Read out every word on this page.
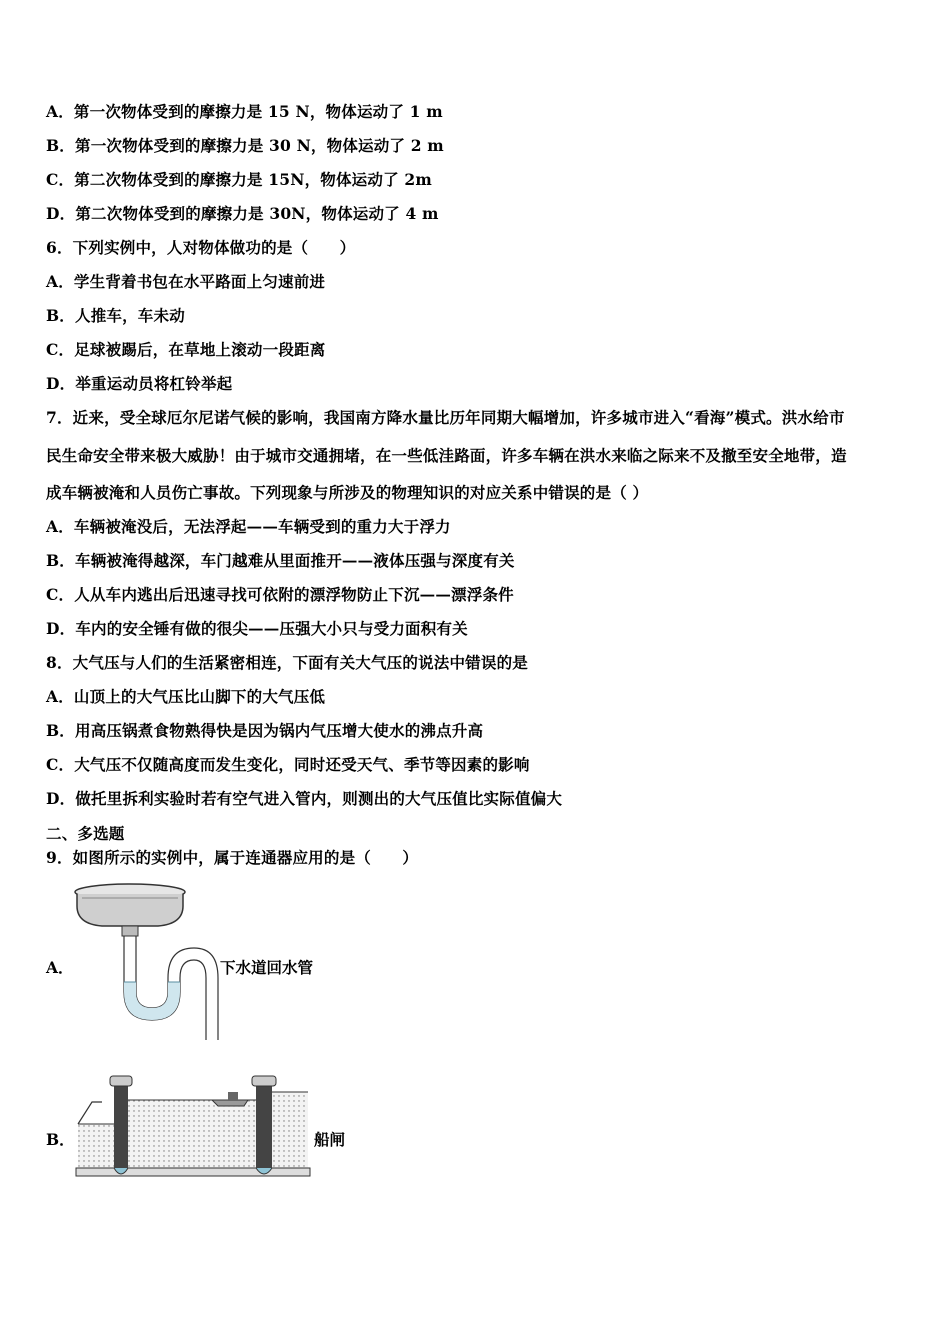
A．第一次物体受到的摩擦力是 15 N，物体运动了 1 m
B．第一次物体受到的摩擦力是 30 N，物体运动了 2 m
C．第二次物体受到的摩擦力是 15N，物体运动了 2m
D．第二次物体受到的摩擦力是 30N，物体运动了 4 m
6．下列实例中，人对物体做功的是（　　）
A．学生背着书包在水平路面上匀速前进
B．人推车，车未动
C．足球被踢后，在草地上滚动一段距离
D．举重运动员将杠铃举起
7．近来，受全球厄尔尼诺气候的影响，我国南方降水量比历年同期大幅增加，许多城市进入“看海”模式。洪水给市
民生命安全带来极大威胁！由于城市交通拥堵，在一些低洼路面，许多车辆在洪水来临之际来不及撤至安全地带，造
成车辆被淹和人员伤亡事故。下列现象与所涉及的物理知识的对应关系中错误的是（ ）
A．车辆被淹没后，无法浮起——车辆受到的重力大于浮力
B．车辆被淹得越深，车门越难从里面推开——液体压强与深度有关
C．人从车内逃出后迅速寻找可依附的漂浮物防止下沉——漂浮条件
D．车内的安全锤有做的很尖——压强大小只与受力面积有关
8．大气压与人们的生活紧密相连，下面有关大气压的说法中错误的是
A．山顶上的大气压比山脚下的大气压低
B．用高压锅煮食物熟得快是因为锅内气压增大使水的沸点升高
C．大气压不仅随高度而发生变化，同时还受天气、季节等因素的影响
D．做托里拆利实验时若有空气进入管内，则测出的大气压值比实际值偏大
二、多选题
9．如图所示的实例中，属于连通器应用的是（　　）
A．	下水道回水管
B．	船闸
